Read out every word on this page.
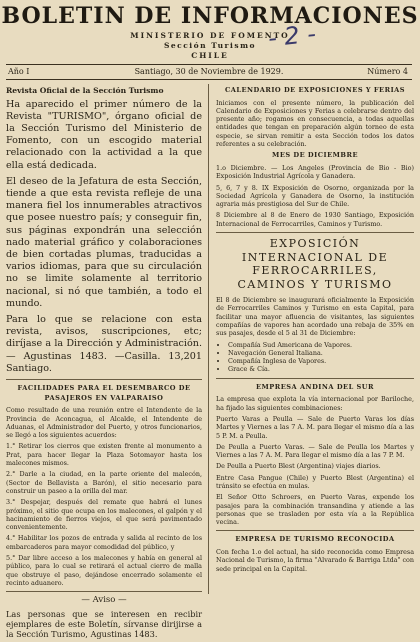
BOLETIN DE INFORMACIONES
MINISTERIO DE FOMENTO
Sección Turismo
CHILE
- 2 -
Año I	Santiago, 30 de Noviembre de 1929.	Número 4

Revista Oficial de la Sección Turismo

Ha aparecido el primer número de la Revista "TURISMO", órgano oficial de la Sección Turismo del Ministerio de Fomento, con un escogido material relacionado con la actividad a la que ella está dedicada.

El deseo de la Jefatura de esta Sección, tiende a que esta revista refleje de una manera fiel los innumerables atractivos que posee nuestro país; y conseguir fin, sus páginas expondrán una selección nado material gráfico y colaboraciones de bien cortadas plumas, traducidas a varios idiomas, para que su circulación no se limite solamente al territorio nacional, si nó que también, a todo el mundo.

Para lo que se relacione con esta revista, avisos, suscripciones, etc; diríjase a la Dirección y Administración. — Agustinas 1483. —Casilla. 13,201 Santiago.

FACILIDADES PARA EL DESEMBARCO DE PASAJEROS EN VALPARAISO

Como resultado de una reunión entre el Intendente de la Provincia de Aconcagua, el Alcalde, el Intendente de Aduanas, el Administrador del Puerto, y otros funcionarios, se llegó a los siguientes acuerdos:

1.° Retirar los cierros que existen frente al monumento a Prat, para hacer llegar la Plaza Sotomayor hasta los malecones mismos.

2.° Darle a la ciudad, en la parte oriente del malecón, (Sector de Bellavista a Barón), el sitio necesario para construir un paseo a la orilla del mar.

3.° Despejar, después del remate que habrá el lunes próximo, el sitio que ocupa en los malecones, el galpón y el hacinamiento de fierros viejos, el que será pavimentado convenientemente.

4.° Habilitar los pozos de entrada y salida al recinto de los embarcaderos para mayor comodidad del público, y

5.° Dar libre acceso a los malecones y había en general al público, para lo cual se retirará el actual cierro de malla que obstruye el paso, dejándose encerrado solamente el recinto aduanero.

— Aviso —

Las personas que se interesen en recibir ejemplares de este Boletín, sírvanse dirijirse a la Sección Turismo, Agustinas 1483.

CALENDARIO DE EXPOSICIONES Y FERIAS

Iniciamos con el presente número, la publicación del Calendario de Exposiciones y Ferias a celebrarse dentro del presente año; rogamos en consecuencia, a todas aquellas entidades que tengan en preparación algún torneo de esta especie, se sirvan remitir a esta Sección todos los datos referentes a su celebración.

MES DE DICIEMBRE

1.o Diciembre. — Los Angeles (Provincia de Bio - Bio) Exposición Industrial Agrícola y Ganadera.

5, 6, 7 y 8. IX Exposición de Osorno, organizada por la Sociedad Agrícola y Ganadera de Osorno, la institución agraria más prestigiosa del Sur de Chile.

8 Diciembre al 8 de Enero de 1930 Santiago, Exposición Internacional de Ferrocarriles, Caminos y Turismo.

EXPOSICIÓN INTERNACIONAL DE FERROCARRILES, CAMINOS Y TURISMO

El 8 de Diciembre se inaugurará oficialmente la Exposición de Ferrocarriles Caminos y Turismo en esta Capital, para facilitar una mayor afluencia de visitantes, las siguientes compañías de vapores han acordado una rebaja de 35% en sus pasajes, desde el 5 al 31 de Diciembre:

• Compañía Sud Americana de Vapores.
• Navegación General Italiana.
• Compañía Inglesa de Vapores.
• Grace & Cía.

EMPRESA ANDINA DEL SUR

La empresa que explota la vía internacional por Bariloche, ha fijado las siguientes combinaciones:

Puerto Varas a Peulla — Sale de Puerto Varas los días Martes y Viernes a las 7 A. M. para llegar el mismo día a las 5 P. M. a Peulla.

De Peulla a Puerto Varas. — Sale de Peulla los Martes y Viernes a las 7 A. M. Para llegar el mismo día a las 7 P. M.

De Peulla a Puerto Blest (Argentina) viajes diarios.

Entre Casa Pangue (Chile) y Puerto Blest (Argentina) el tránsito se efectúa en mulas.

El Señor Otto Schroers, en Puerto Varas, expende los pasajes para la combinación transandina y atiende a las personas que se trasladen por esta vía a la República vecina.

EMPRESA DE TURISMO RECONOCIDA

Con fecha 1.o del actual, ha sido reconocida como Empresa Nacional de Turismo, la firma "Alvarado & Barriga Ltda" con sede principal en la Capital.
